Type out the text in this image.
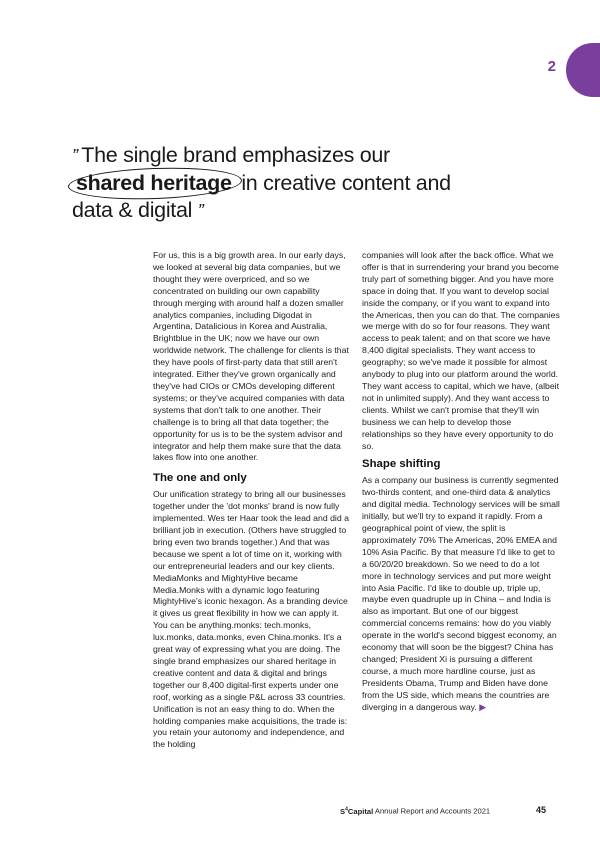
2
” The single brand emphasizes our shared heritage in creative content and data & digital ”

For us, this is a big growth area. In our early days, we looked at several big data companies, but we thought they were overpriced, and so we concentrated on building our own capability through merging with around half a dozen smaller analytics companies, including Digodat in Argentina, Datalicious in Korea and Australia, Brightblue in the UK; now we have our own worldwide network. The challenge for clients is that they have pools of first-party data that still aren't integrated. Either they've grown organically and they've had CIOs or CMOs developing different systems; or they've acquired companies with data systems that don't talk to one another. Their challenge is to bring all that data together; the opportunity for us is to be the system advisor and integrator and help them make sure that the data lakes flow into one another.

The one and only

Our unification strategy to bring all our businesses together under the 'dot monks' brand is now fully implemented. Wes ter Haar took the lead and did a brilliant job in execution. (Others have struggled to bring even two brands together.) And that was because we spent a lot of time on it, working with our entrepreneurial leaders and our key clients. MediaMonks and MightyHive became Media.Monks with a dynamic logo featuring MightyHive's iconic hexagon. As a branding device it gives us great flexibility in how we can apply it. You can be anything.monks: tech.monks, lux.monks, data.monks, even China.monks. It's a great way of expressing what you are doing. The single brand emphasizes our shared heritage in creative content and data & digital and brings together our 8,400 digital-first experts under one roof, working as a single P&L across 33 countries. Unification is not an easy thing to do. When the holding companies make acquisitions, the trade is: you retain your autonomy and independence, and the holding

companies will look after the back office. What we offer is that in surrendering your brand you become truly part of something bigger. And you have more space in doing that. If you want to develop social inside the company, or if you want to expand into the Americas, then you can do that. The companies we merge with do so for four reasons. They want access to peak talent; and on that score we have 8,400 digital specialists. They want access to geography; so we've made it possible for almost anybody to plug into our platform around the world. They want access to capital, which we have, (albeit not in unlimited supply). And they want access to clients. Whilst we can't promise that they'll win business we can help to develop those relationships so they have every opportunity to do so.

Shape shifting

As a company our business is currently segmented two-thirds content, and one-third data & analytics and digital media. Technology services will be small initially, but we'll try to expand it rapidly. From a geographical point of view, the split is approximately 70% The Americas, 20% EMEA and 10% Asia Pacific. By that measure I'd like to get to a 60/20/20 breakdown. So we need to do a lot more in technology services and put more weight into Asia Pacific. I'd like to double up, triple up, maybe even quadruple up in China – and India is also as important. But one of our biggest commercial concerns remains: how do you viably operate in the world's second biggest economy, an economy that will soon be the biggest? China has changed; President Xi is pursuing a different course, a much more hardline course, just as Presidents Obama, Trump and Biden have done from the US side, which means the countries are diverging in a dangerous way. ▶

$S^4Capital$ Annual Report and Accounts 2021	45
